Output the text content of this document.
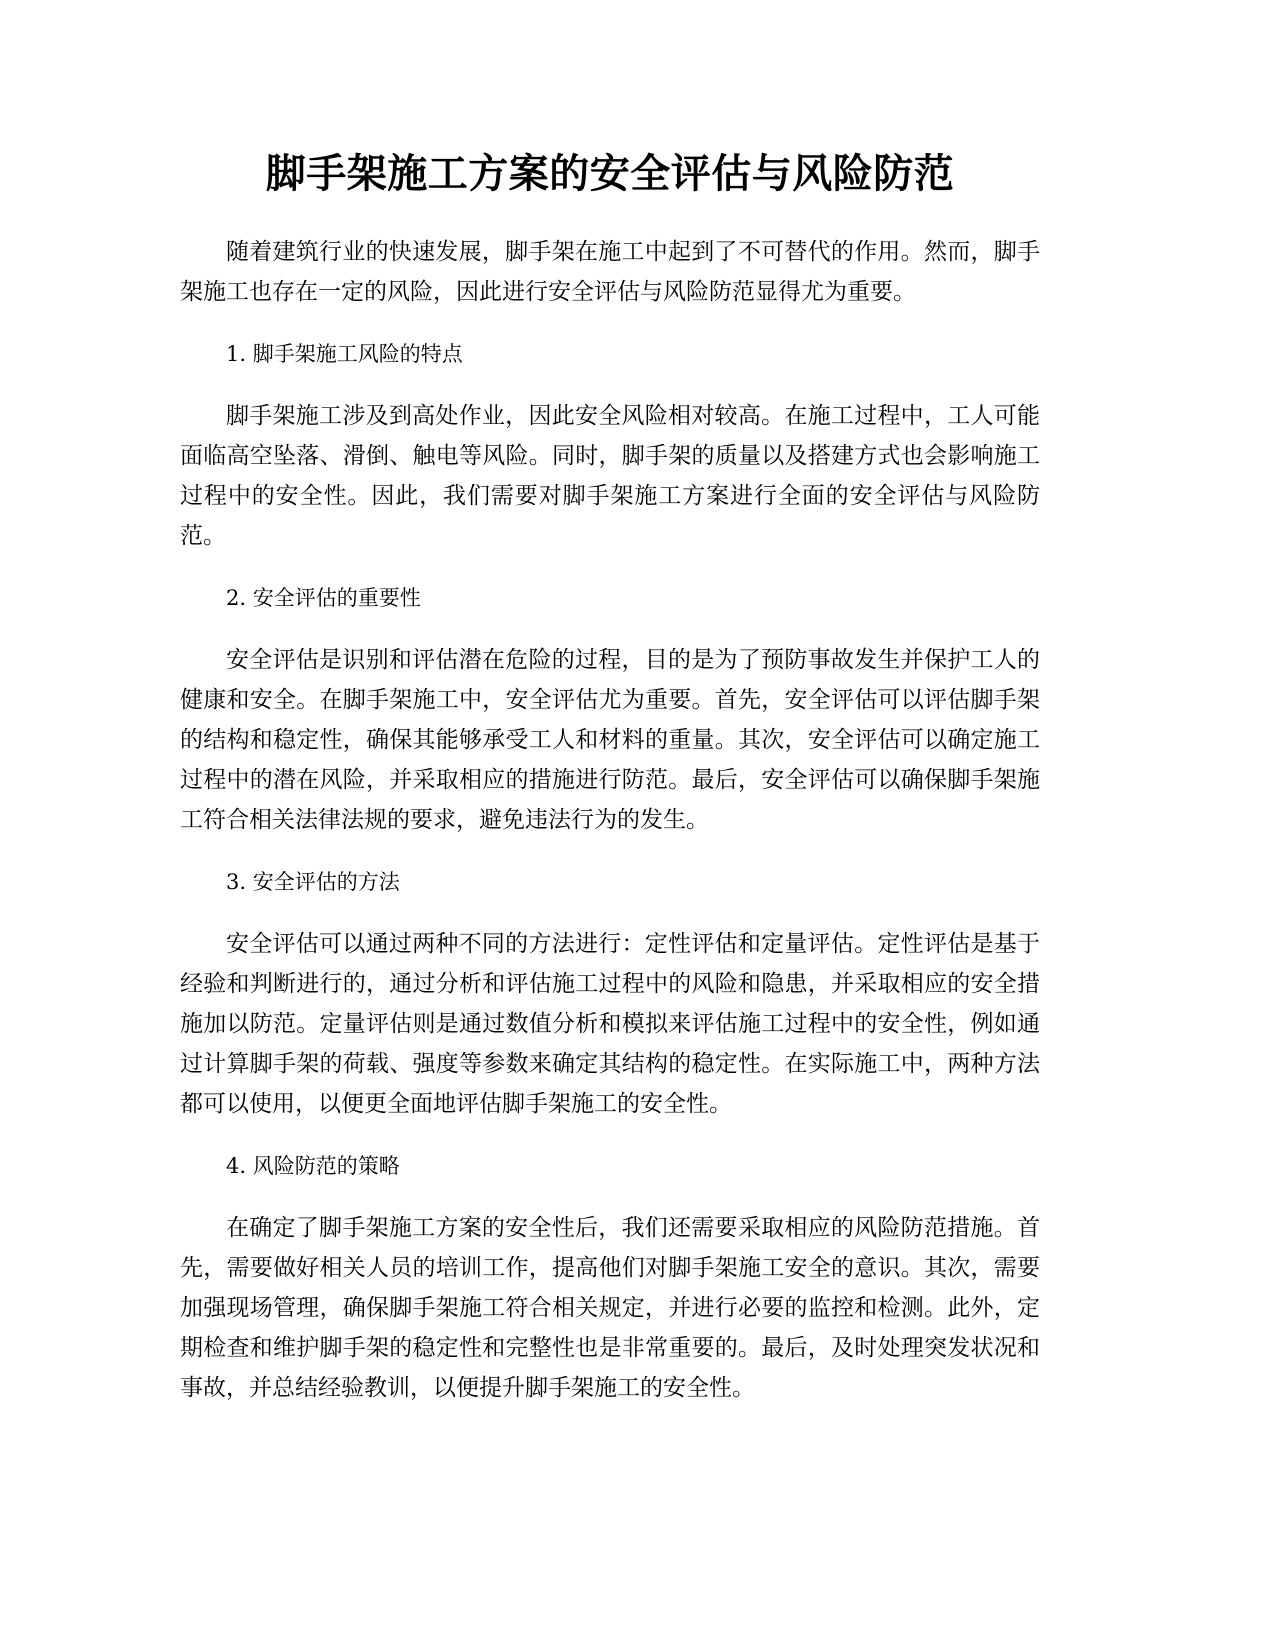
脚手架施工方案的安全评估与风险防范

随着建筑行业的快速发展，脚手架在施工中起到了不可替代的作用。然而，脚手架施工也存在一定的风险，因此进行安全评估与风险防范显得尤为重要。

1. 脚手架施工风险的特点

脚手架施工涉及到高处作业，因此安全风险相对较高。在施工过程中，工人可能面临高空坠落、滑倒、触电等风险。同时，脚手架的质量以及搭建方式也会影响施工过程中的安全性。因此，我们需要对脚手架施工方案进行全面的安全评估与风险防范。

2. 安全评估的重要性

安全评估是识别和评估潜在危险的过程，目的是为了预防事故发生并保护工人的健康和安全。在脚手架施工中，安全评估尤为重要。首先，安全评估可以评估脚手架的结构和稳定性，确保其能够承受工人和材料的重量。其次，安全评估可以确定施工过程中的潜在风险，并采取相应的措施进行防范。最后，安全评估可以确保脚手架施工符合相关法律法规的要求，避免违法行为的发生。

3. 安全评估的方法

安全评估可以通过两种不同的方法进行：定性评估和定量评估。定性评估是基于经验和判断进行的，通过分析和评估施工过程中的风险和隐患，并采取相应的安全措施加以防范。定量评估则是通过数值分析和模拟来评估施工过程中的安全性，例如通过计算脚手架的荷载、强度等参数来确定其结构的稳定性。在实际施工中，两种方法都可以使用，以便更全面地评估脚手架施工的安全性。

4. 风险防范的策略

在确定了脚手架施工方案的安全性后，我们还需要采取相应的风险防范措施。首先，需要做好相关人员的培训工作，提高他们对脚手架施工安全的意识。其次，需要加强现场管理，确保脚手架施工符合相关规定，并进行必要的监控和检测。此外，定期检查和维护脚手架的稳定性和完整性也是非常重要的。最后，及时处理突发状况和事故，并总结经验教训，以便提升脚手架施工的安全性。
